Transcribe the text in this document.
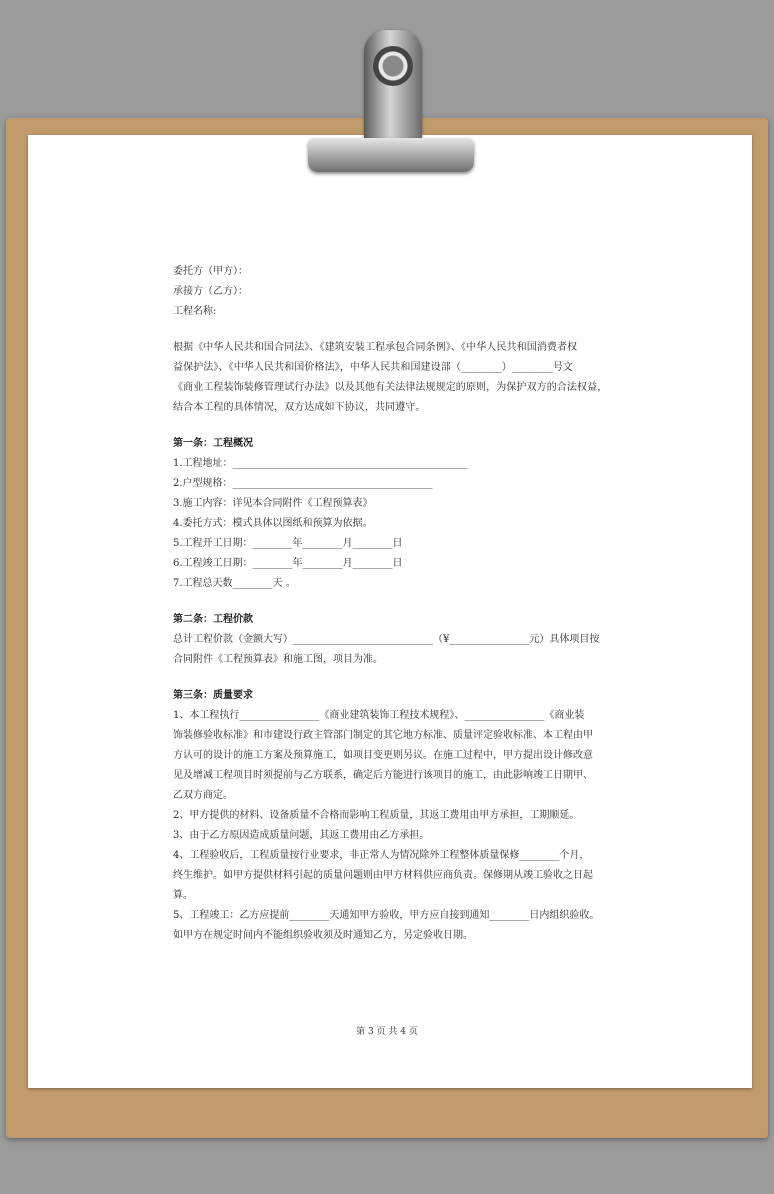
委托方（甲方）：

承接方（乙方）：

工程名称:

根据《中华人民共和国合同法》、《建筑安装工程承包合同条例》、《中华人民共和国消费者权

益保护法》、《中华人民共和国价格法》，中华人民共和国建设部（________）________号文

《商业工程装饰装修管理试行办法》以及其他有关法律法规规定的原则，为保护双方的合法权益，

结合本工程的具体情况，双方达成如下协议，共同遵守。

第一条：工程概况

1.工程地址：_______________________________________________

2.户型规格：________________________________________

3.施工内容：详见本合同附件《工程预算表》

4.委托方式：模式具体以图纸和预算为依据。

5.工程开工日期：________年________月________日

6.工程竣工日期：________年________月________日

7.工程总天数________天 。

第二条：工程价款

总计工程价款（金额大写）____________________________（¥________________元）具体项目按

合同附件《工程预算表》和施工图，项目为准。

第三条：质量要求

1、本工程执行________________《商业建筑装饰工程技术规程》、________________《商业装

饰装修验收标准》和市建设行政主管部门制定的其它地方标准、质量评定验收标准、本工程由甲

方认可的设计的施工方案及预算施工，如项目变更则另议。在施工过程中，甲方提出设计修改意

见及增减工程项目时须提前与乙方联系，确定后方能进行该项目的施工，由此影响竣工日期甲、

乙双方商定。

2、甲方提供的材料、设备质量不合格而影响工程质量，其返工费用由甲方承担，工期顺延。

3、由于乙方原因造成质量问题，其返工费用由乙方承担。

4、工程验收后，工程质量按行业要求，非正常人为情况除外工程整体质量保修________个月，

终生维护。如甲方提供材料引起的质量问题则由甲方材料供应商负责。保修期从竣工验收之日起

算。

5、工程竣工：乙方应提前________天通知甲方验收，甲方应自接到通知________日内组织验收。

如甲方在规定时间内不能组织验收须及时通知乙方，另定验收日期。

第 3 页 共 4 页
